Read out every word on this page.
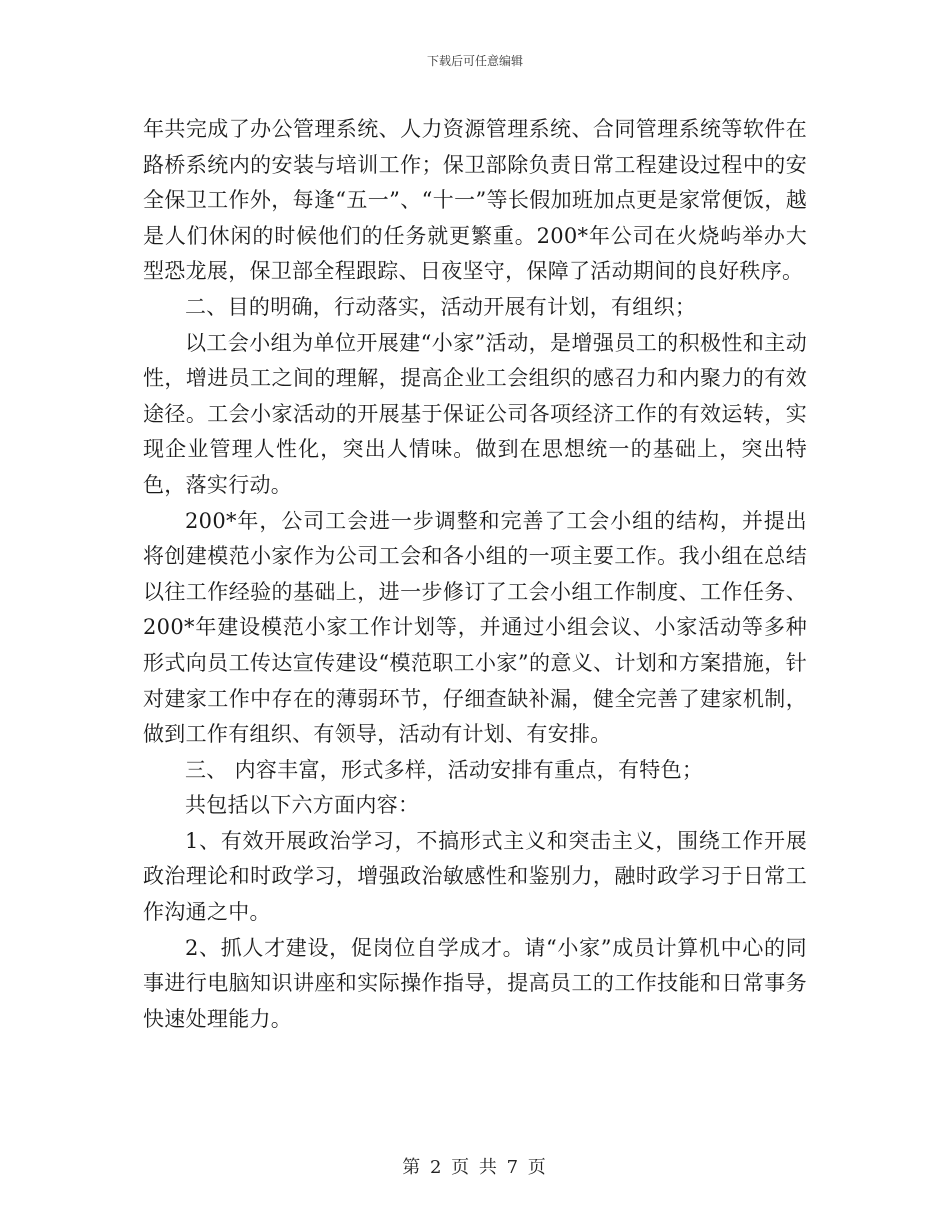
下载后可任意编辑

年共完成了办公管理系统、人力资源管理系统、合同管理系统等软件在路桥系统内的安装与培训工作；保卫部除负责日常工程建设过程中的安全保卫工作外，每逢“五一”、“十一”等长假加班加点更是家常便饭，越是人们休闲的时候他们的任务就更繁重。200*年公司在火烧屿举办大型恐龙展，保卫部全程跟踪、日夜坚守，保障了活动期间的良好秩序。

二、目的明确，行动落实，活动开展有计划，有组织；

以工会小组为单位开展建“小家”活动，是增强员工的积极性和主动性，增进员工之间的理解，提高企业工会组织的感召力和内聚力的有效途径。工会小家活动的开展基于保证公司各项经济工作的有效运转，实现企业管理人性化，突出人情味。做到在思想统一的基础上，突出特色，落实行动。

200*年，公司工会进一步调整和完善了工会小组的结构，并提出将创建模范小家作为公司工会和各小组的一项主要工作。我小组在总结以往工作经验的基础上，进一步修订了工会小组工作制度、工作任务、200*年建设模范小家工作计划等，并通过小组会议、小家活动等多种形式向员工传达宣传建设“模范职工小家”的意义、计划和方案措施，针对建家工作中存在的薄弱环节，仔细查缺补漏，健全完善了建家机制，做到工作有组织、有领导，活动有计划、有安排。

三、 内容丰富，形式多样，活动安排有重点，有特色；

共包括以下六方面内容：

1、有效开展政治学习，不搞形式主义和突击主义，围绕工作开展政治理论和时政学习，增强政治敏感性和鉴别力，融时政学习于日常工作沟通之中。

2、抓人才建设，促岗位自学成才。请“小家”成员计算机中心的同事进行电脑知识讲座和实际操作指导，提高员工的工作技能和日常事务快速处理能力。

第 2 页 共 7 页
